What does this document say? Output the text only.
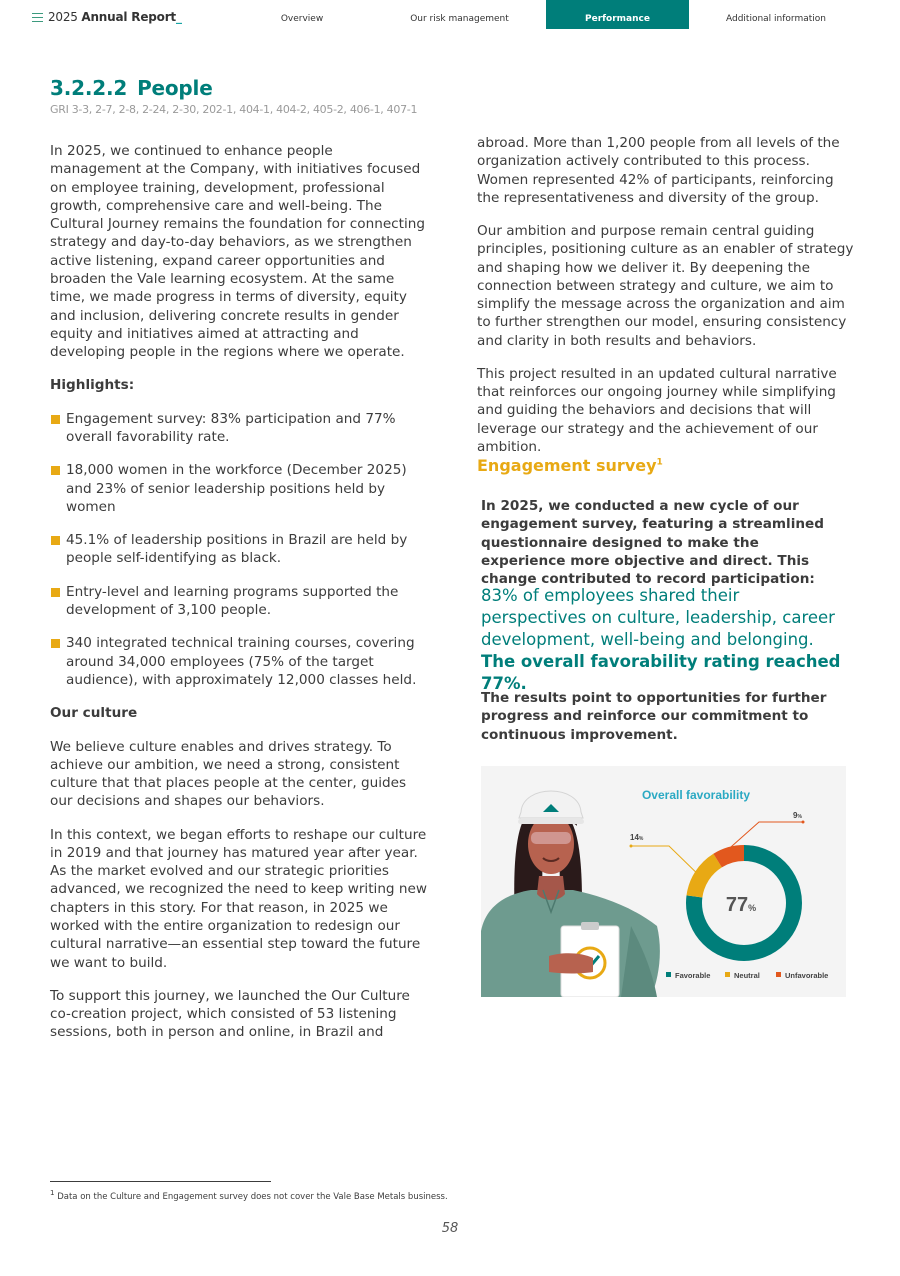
2025 Annual Report_	Overview	Our risk management	Performance	Additional information
3.2.2.2 People
GRI 3-3, 2-7, 2-8, 2-24, 2-30, 202-1, 404-1, 404-2, 405-2, 406-1, 407-1

In 2025, we continued to enhance people management at the Company, with initiatives focused on employee training, development, professional growth, comprehensive care and well-being. The Cultural Journey remains the foundation for connecting strategy and day-to-day behaviors, as we strengthen active listening, expand career opportunities and broaden the Vale learning ecosystem. At the same time, we made progress in terms of diversity, equity and inclusion, delivering concrete results in gender equity and initiatives aimed at attracting and developing people in the regions where we operate.

Highlights:
Engagement survey: 83% participation and 77% overall favorability rate.
18,000 women in the workforce (December 2025) and 23% of senior leadership positions held by women
45.1% of leadership positions in Brazil are held by people self-identifying as black.
Entry-level and learning programs supported the development of 3,100 people.
340 integrated technical training courses, covering around 34,000 employees (75% of the target audience), with approximately 12,000 classes held.
Our culture

We believe culture enables and drives strategy. To achieve our ambition, we need a strong, consistent culture that that places people at the center, guides our decisions and shapes our behaviors.

In this context, we began efforts to reshape our culture in 2019 and that journey has matured year after year. As the market evolved and our strategic priorities advanced, we recognized the need to keep writing new chapters in this story. For that reason, in 2025 we worked with the entire organization to redesign our cultural narrative—an essential step toward the future we want to build.

To support this journey, we launched the Our Culture co-creation project, which consisted of 53 listening sessions, both in person and online, in Brazil and

abroad. More than 1,200 people from all levels of the organization actively contributed to this process. Women represented 42% of participants, reinforcing the representativeness and diversity of the group.

Our ambition and purpose remain central guiding principles, positioning culture as an enabler of strategy and shaping how we deliver it. By deepening the connection between strategy and culture, we aim to simplify the message across the organization and aim to further strengthen our model, ensuring consistency and clarity in both results and behaviors.

This project resulted in an updated cultural narrative that reinforces our ongoing journey while simplifying and guiding the behaviors and decisions that will leverage our strategy and the achievement of our ambition.

Engagement survey$^1$
In 2025, we conducted a new cycle of our engagement survey, featuring a streamlined questionnaire designed to make the experience more objective and direct. This change contributed to record participation:
83% of employees shared their perspectives on culture, leadership, career development, well-being and belonging. The overall favorability rating reached 77%.
The results point to opportunities for further progress and reinforce our commitment to continuous improvement.
Overall favorability
77%
14%
9%
Favorable	Neutral	Unfavorable
$^1$ Data on the Culture and Engagement survey does not cover the Vale Base Metals business.
58
